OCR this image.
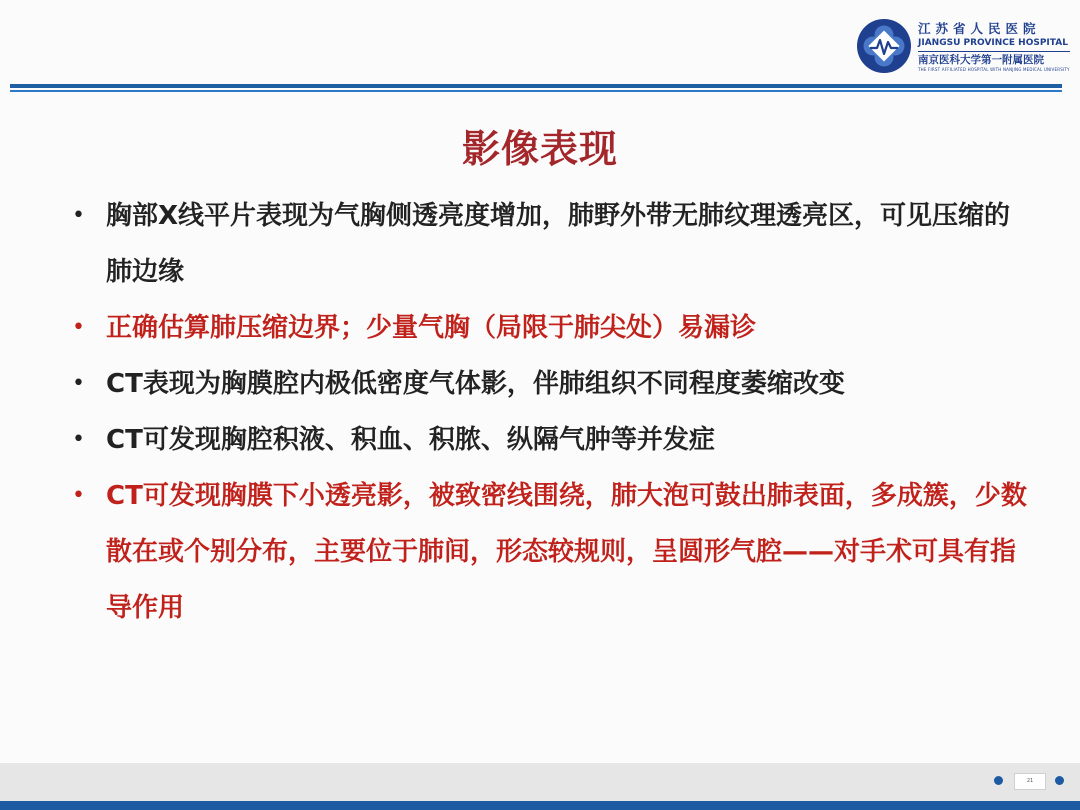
江苏省人民医院
JIANGSU PROVINCE HOSPITAL
南京医科大学第一附属医院
THE FIRST AFFILIATED HOSPITAL WITH NANJING MEDICAL UNIVERSITY
影像表现
• 胸部X线平片表现为气胸侧透亮度增加，肺野外带无肺纹理透亮区，可见压缩的肺边缘
• 正确估算肺压缩边界；少量气胸（局限于肺尖处）易漏诊
• CT表现为胸膜腔内极低密度气体影，伴肺组织不同程度萎缩改变
• CT可发现胸腔积液、积血、积脓、纵隔气肿等并发症
• CT可发现胸膜下小透亮影，被致密线围绕，肺大泡可鼓出肺表面，多成簇，少数散在或个别分布，主要位于肺间，形态较规则，呈圆形气腔——对手术可具有指导作用
21
